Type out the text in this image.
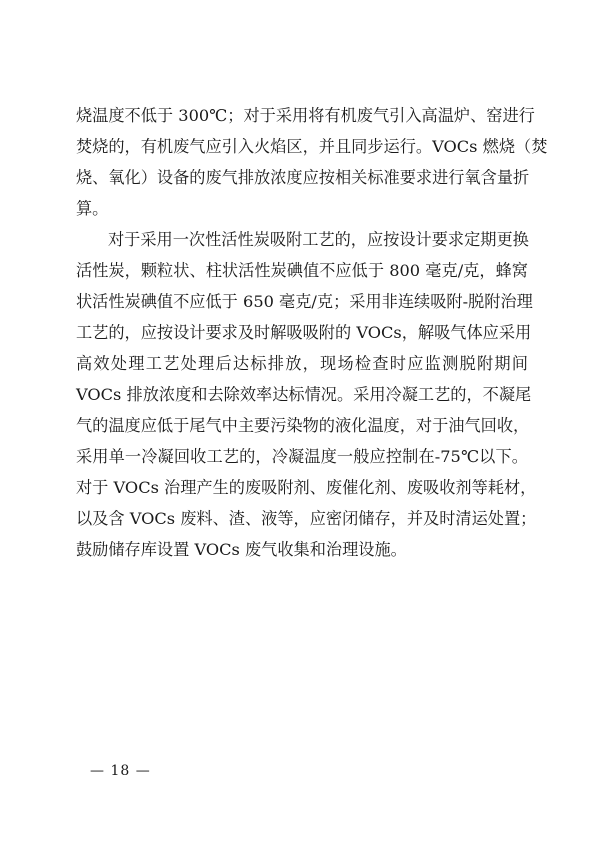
烧温度不低于 300℃；对于采用将有机废气引入高温炉、窑进行
焚烧的，有机废气应引入火焰区，并且同步运行。VOCs 燃烧（焚
烧、氧化）设备的废气排放浓度应按相关标准要求进行氧含量折
算。
对于采用一次性活性炭吸附工艺的，应按设计要求定期更换
活性炭，颗粒状、柱状活性炭碘值不应低于 800 毫克/克，蜂窝
状活性炭碘值不应低于 650 毫克/克；采用非连续吸附-脱附治理
工艺的，应按设计要求及时解吸吸附的 VOCs，解吸气体应采用
高效处理工艺处理后达标排放，现场检查时应监测脱附期间
VOCs 排放浓度和去除效率达标情况。采用冷凝工艺的，不凝尾
气的温度应低于尾气中主要污染物的液化温度，对于油气回收，
采用单一冷凝回收工艺的，冷凝温度一般应控制在-75℃以下。
对于 VOCs 治理产生的废吸附剂、废催化剂、废吸收剂等耗材，
以及含 VOCs 废料、渣、液等，应密闭储存，并及时清运处置；
鼓励储存库设置 VOCs 废气收集和治理设施。
— 18 —
